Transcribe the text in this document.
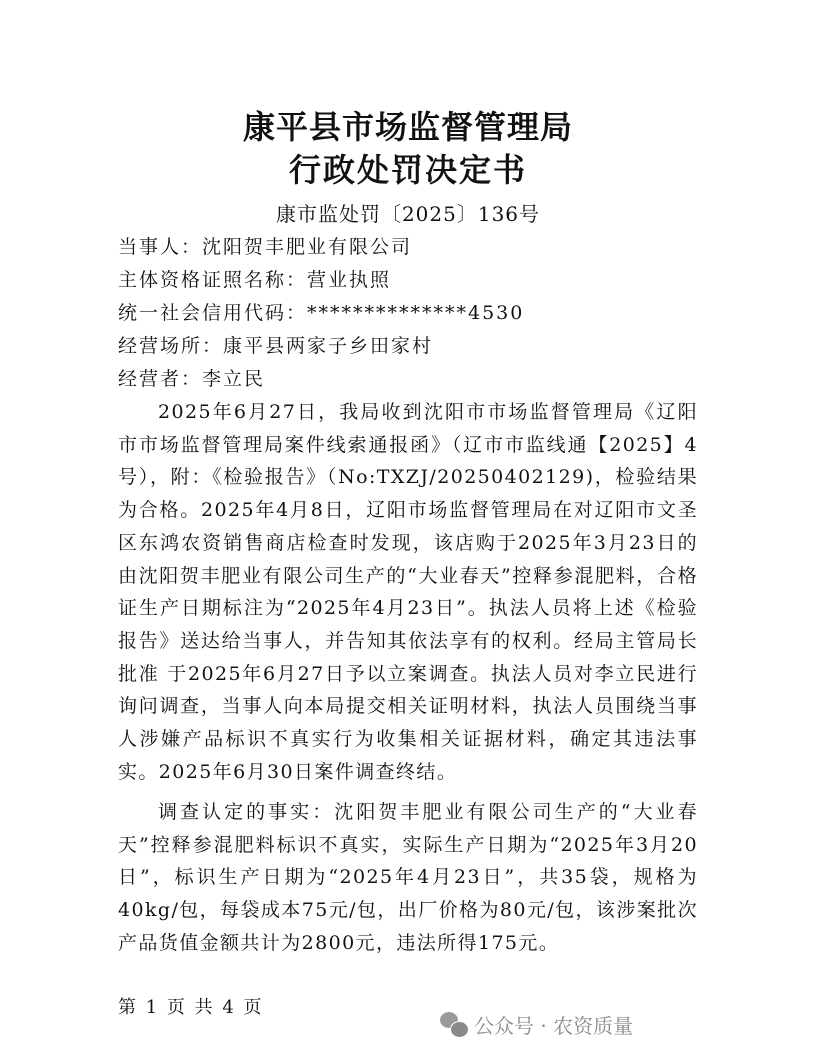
康平县市场监督管理局
行政处罚决定书
康市监处罚〔2025〕136号
当事人：沈阳贺丰肥业有限公司
主体资格证照名称：营业执照
统一社会信用代码：**************4530
经营场所：康平县两家子乡田家村
经营者：李立民
2025年6月27日，我局收到沈阳市市场监督管理局《辽阳市市场监督管理局案件线索通报函》（辽市市监线通【2025】4号），附：《检验报告》（No:TXZJ/20250402129)，检验结果为合格。2025年4月8日，辽阳市场监督管理局在对辽阳市文圣区东鸿农资销售商店检查时发现，该店购于2025年3月23日的由沈阳贺丰肥业有限公司生产的“大业春天”控释参混肥料，合格证生产日期标注为“2025年4月23日”。执法人员将上述《检验报告》送达给当事人，并告知其依法享有的权利。经局主管局长批准 于2025年6月27日予以立案调查。执法人员对李立民进行询问调查，当事人向本局提交相关证明材料，执法人员围绕当事人涉嫌产品标识不真实行为收集相关证据材料，确定其违法事实。2025年6月30日案件调查终结。
调查认定的事实：沈阳贺丰肥业有限公司生产的“大业春天”控释参混肥料标识不真实，实际生产日期为“2025年3月20日”，标识生产日期为“2025年4月23日”，共35袋，规格为40kg/包，每袋成本75元/包，出厂价格为80元/包，该涉案批次产品货值金额共计为2800元，违法所得175元。
第 1 页 共 4 页
公众号 · 农资质量
